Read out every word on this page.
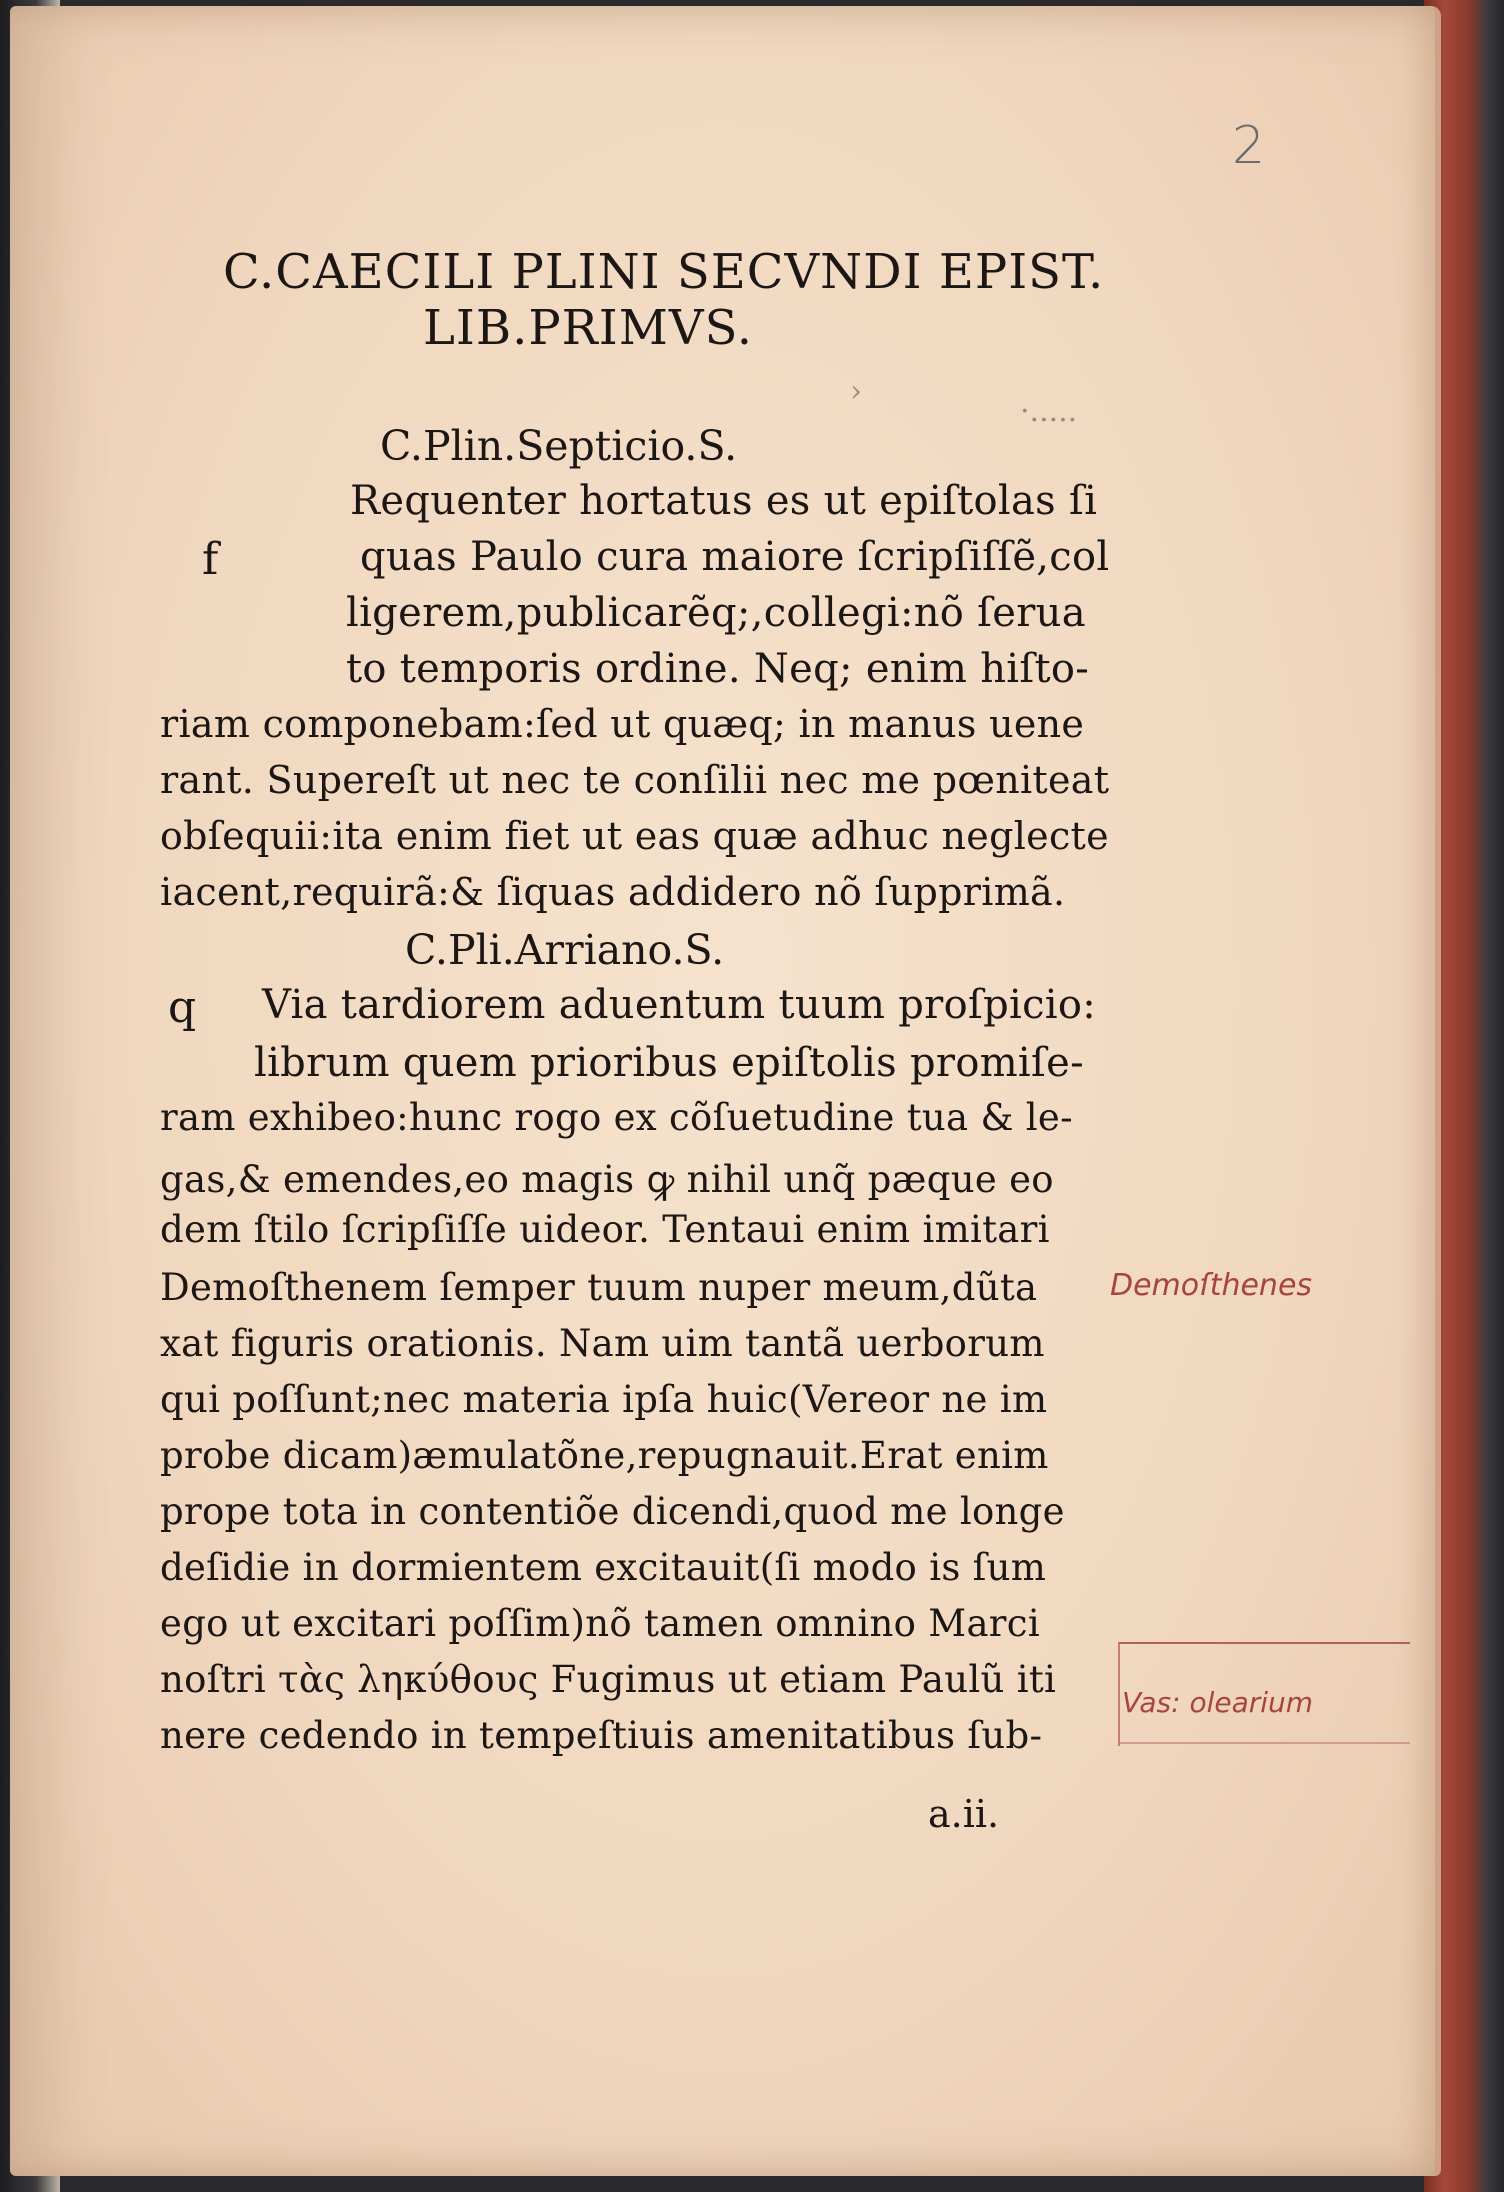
2
C.CAECILI PLINI SECVNDI EPIST.
LIB.PRIMVS.
›
·.....
C.Plin.Septicio.S.
f
Requenter hortatus es ut epiſtolas ſi
quas Paulo cura maiore ſcripſiſſẽ,col
ligerem,publicarẽq;,collegi:nõ ſerua
to temporis ordine. Neq; enim hiſto-
riam componebam:ſed ut quæq; in manus uene
rant. Supereſt ut nec te conſilii nec me pœniteat
obſequii:ita enim fiet ut eas quæ adhuc neglecte
iacent,requirã:& ſiquas addidero nõ ſupprimã.
C.Pli.Arriano.S.
q Via tardiorem aduentum tuum proſpicio:
librum quem prioribus epiſtolis promiſe-
ram exhibeo:hunc rogo ex cõſuetudine tua & le-
gas,& emendes,eo magis ꝙ nihil unq̃ pæque eo
dem ſtilo ſcripſiſſe uideor. Tentaui enim imitari
Demoſthenem ſemper tuum nuper meum,dũta
xat figuris orationis. Nam uim tantã uerborum
qui poſſunt;nec materia ipſa huic(Vereor ne im
probe dicam)æmulatõne,repugnauit.Erat enim
prope tota in contentiõe dicendi,quod me longe
deſidie in dormientem excitauit(ſi modo is ſum
ego ut excitari poſſim)nõ tamen omnino Marci
noſtri τὰς ληκύθους Fugimus ut etiam Paulũ iti
nere cedendo in tempeſtiuis amenitatibus ſub-
a.ii.
Demoſthenes
Vas: olearium
